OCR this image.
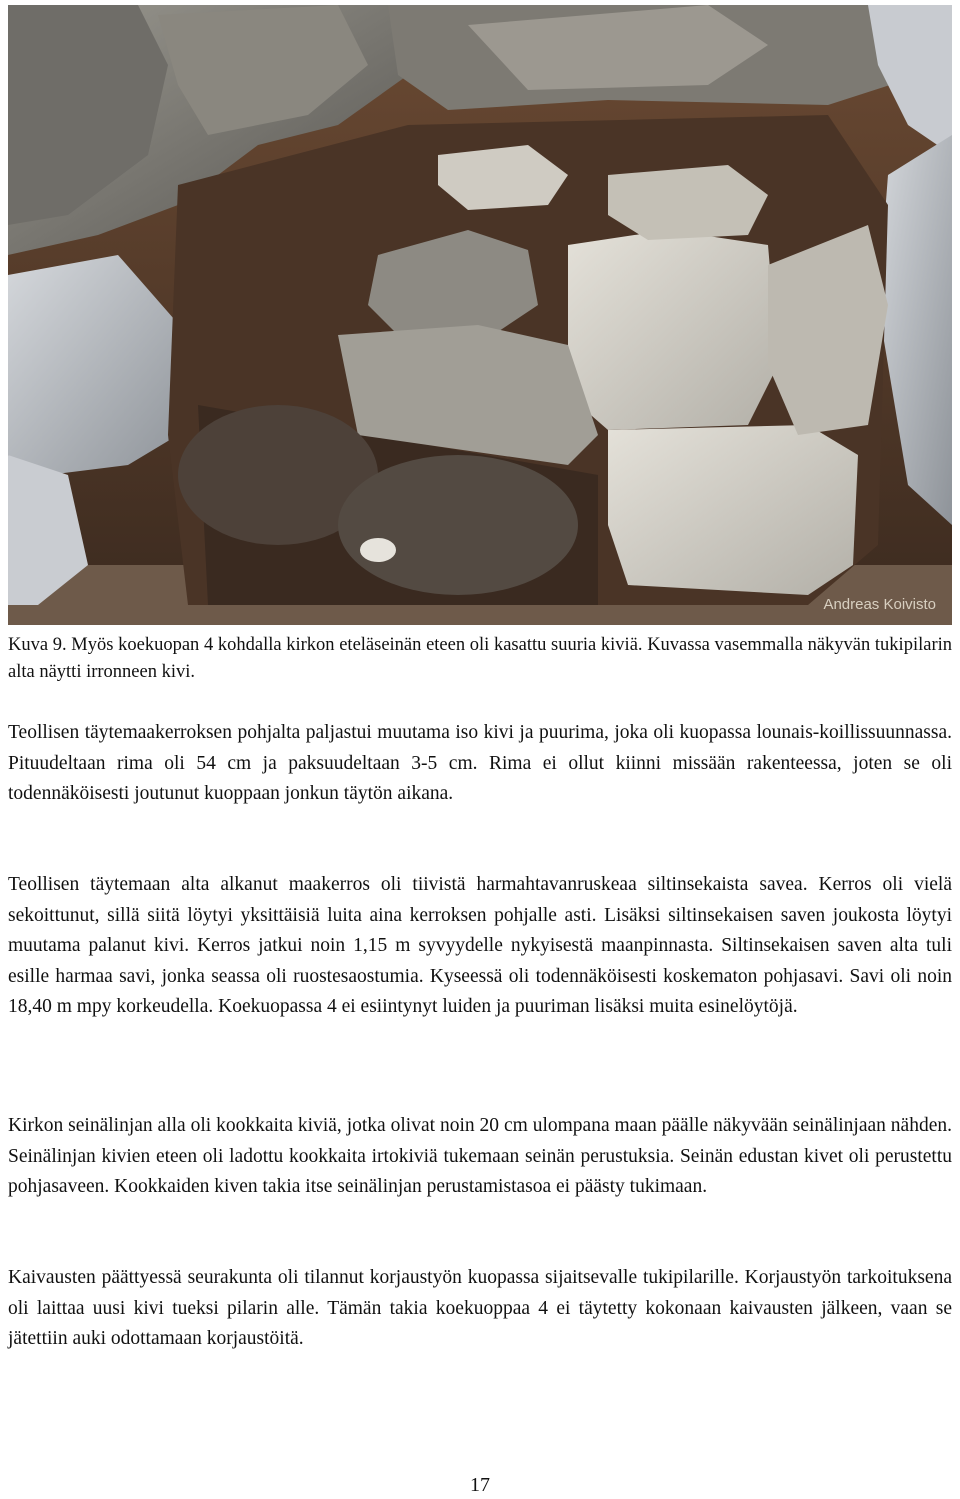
Andreas Koivisto
Kuva 9. Myös koekuopan 4 kohdalla kirkon eteläseinän eteen oli kasattu suuria kiviä. Kuvassa vasemmalla näkyvän tukipilarin alta näytti irronneen kivi.

Teollisen täytemaakerroksen pohjalta paljastui muutama iso kivi ja puurima, joka oli kuopassa lounais-koillissuunnassa. Pituudeltaan rima oli 54 cm ja paksuudeltaan 3-5 cm. Rima ei ollut kiinni missään rakenteessa, joten se oli todennäköisesti joutunut kuoppaan jonkun täytön aikana.

Teollisen täytemaan alta alkanut maakerros oli tiivistä harmahtavanruskeaa siltinsekaista savea. Kerros oli vielä sekoittunut, sillä siitä löytyi yksittäisiä luita aina kerroksen pohjalle asti. Lisäksi siltinsekaisen saven joukosta löytyi muutama palanut kivi. Kerros jatkui noin 1,15 m syvyydelle nykyisestä maanpinnasta. Siltinsekaisen saven alta tuli esille harmaa savi, jonka seassa oli ruostesaostumia. Kyseessä oli todennäköisesti koskematon pohjasavi. Savi oli noin 18,40 m mpy korkeudella. Koekuopassa 4 ei esiintynyt luiden ja puuriman lisäksi muita esinelöytöjä.

Kirkon seinälinjan alla oli kookkaita kiviä, jotka olivat noin 20 cm ulompana maan päälle näkyvään seinälinjaan nähden. Seinälinjan kivien eteen oli ladottu kookkaita irtokiviä tukemaan seinän perustuksia. Seinän edustan kivet oli perustettu pohjasaveen. Kookkaiden kiven takia itse seinälinjan perustamistasoa ei päästy tukimaan.

Kaivausten päättyessä seurakunta oli tilannut korjaustyön kuopassa sijaitsevalle tukipilarille. Korjaustyön tarkoituksena oli laittaa uusi kivi tueksi pilarin alle. Tämän takia koekuoppaa 4 ei täytetty kokonaan kaivausten jälkeen, vaan se jätettiin auki odottamaan korjaustöitä.

17
